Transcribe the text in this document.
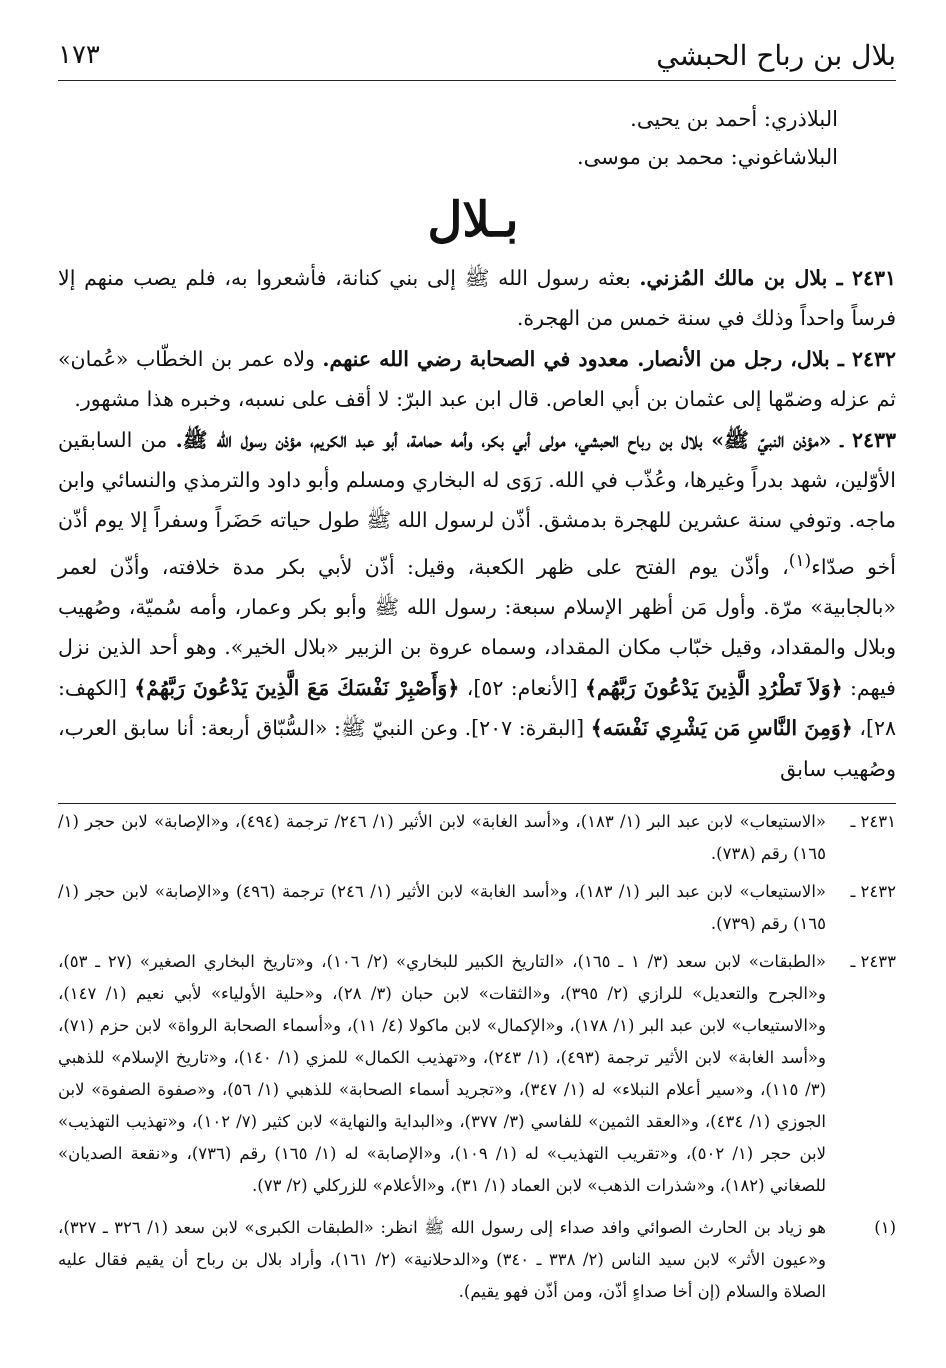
بلال بن رباح الحبشي
١٧٣
البلاذري: أحمد بن يحيى.
البلاشاغوني: محمد بن موسى.
بـلال

٢٤٣١ ـ بلال بن مالك المُزني. بعثه رسول الله ﷺ إلى بني كنانة، فأشعروا به، فلم يصب منهم إلا فرساً واحداً وذلك في سنة خمس من الهجرة.

٢٤٣٢ ـ بلال، رجل من الأنصار. معدود في الصحابة رضي الله عنهم. ولاه عمر بن الخطّاب «عُمان» ثم عزله وضمّها إلى عثمان بن أبي العاص. قال ابن عبد البرّ: لا أقف على نسبه، وخبره هذا مشهور.

٢٤٣٣ ـ «مؤذن النبيّ ﷺ» بلال بن رباح الحبشي، مولى أبي بكر، وأمه حمامة، أبو عبد الكريم، مؤذن رسول الله ﷺ. من السابقين الأوّلين، شهد بدراً وغيرها، وعُذّب في الله. رَوَى له البخاري ومسلم وأبو داود والترمذي والنسائي وابن ماجه. وتوفي سنة عشرين للهجرة بدمشق. أذّن لرسول الله ﷺ طول حياته حَضَراً وسفراً إلا يوم أذّن أخو صدّاء$^{(١)}$، وأذّن يوم الفتح على ظهر الكعبة، وقيل: أذّن لأبي بكر مدة خلافته، وأذّن لعمر «بالجابية» مرّة. وأول مَن أظهر الإسلام سبعة: رسول الله ﷺ وأبو بكر وعمار، وأمه سُميّة، وصُهيب وبلال والمقداد، وقيل خبّاب مكان المقداد، وسماه عروة بن الزبير «بلال الخير». وهو أحد الذين نزل فيهم: ﴿وَلاَ تَطْرُدِ الَّذِينَ يَدْعُونَ رَبَّهُم﴾ [الأنعام: ٥٢]، ﴿وَأَصْبِرْ نَفْسَكَ مَعَ الَّذِينَ يَدْعُونَ رَبَّهُمْ﴾ [الكهف: ٢٨]، ﴿وَمِنَ النَّاسِ مَن يَشْرِي نَفْسَه﴾ [البقرة: ٢٠٧]. وعن النبيّ ﷺ: «السُّبّاق أربعة: أنا سابق العرب، وصُهيب سابق

٢٤٣١ ـ
«الاستيعاب» لابن عبد البر (١/ ١٨٣)، و«أسد الغابة» لابن الأثير (١/ ٢٤٦/ ترجمة (٤٩٤)، و«الإصابة» لابن حجر (١/ ١٦٥) رقم (٧٣٨).
٢٤٣٢ ـ
«الاستيعاب» لابن عبد البر (١/ ١٨٣)، و«أسد الغابة» لابن الأثير (١/ ٢٤٦) ترجمة (٤٩٦) و«الإصابة» لابن حجر (١/ ١٦٥) رقم (٧٣٩).
٢٤٣٣ ـ
«الطبقات» لابن سعد (٣/ ١ ـ ١٦٥)، «التاريخ الكبير للبخاري» (٢/ ١٠٦)، و«تاريخ البخاري الصغير» (٢٧ ـ ٥٣)، و«الجرح والتعديل» للرازي (٢/ ٣٩٥)، و«الثقات» لابن حبان (٣/ ٢٨)، و«حلية الأولياء» لأبي نعيم (١/ ١٤٧)، و«الاستيعاب» لابن عبد البر (١/ ١٧٨)، و«الإكمال» لابن ماكولا (٤/ ١١)، و«أسماء الصحابة الرواة» لابن حزم (٧١)، و«أسد الغابة» لابن الأثير ترجمة (٤٩٣)، (١/ ٢٤٣)، و«تهذيب الكمال» للمزي (١/ ١٤٠)، و«تاريخ الإسلام» للذهبي (٣/ ١١٥)، و«سير أعلام النبلاء» له (١/ ٣٤٧)، و«تجريد أسماء الصحابة» للذهبي (١/ ٥٦)، و«صفوة الصفوة» لابن الجوزي (١/ ٤٣٤)، و«العقد الثمين» للفاسي (٣/ ٣٧٧)، و«البداية والنهاية» لابن كثير (٧/ ١٠٢)، و«تهذيب التهذيب» لابن حجر (١/ ٥٠٢)، و«تقريب التهذيب» له (١/ ١٠٩)، و«الإصابة» له (١/ ١٦٥) رقم (٧٣٦)، و«نقعة الصديان» للصغاني (١٨٢)، و«شذرات الذهب» لابن العماد (١/ ٣١)، و«الأعلام» للزركلي (٢/ ٧٣).
(١)
هو زياد بن الحارث الصوائي وافد صداء إلى رسول الله ﷺ انظر: «الطبقات الكبرى» لابن سعد (١/ ٣٢٦ ـ ٣٢٧)، و«عيون الأثر» لابن سيد الناس (٢/ ٣٣٨ ـ ٣٤٠) و«الدحلانية» (٢/ ١٦١)، وأراد بلال بن رباح أن يقيم فقال عليه الصلاة والسلام (إن أخا صداءٍ أذّن، ومن أذّن فهو يقيم).
